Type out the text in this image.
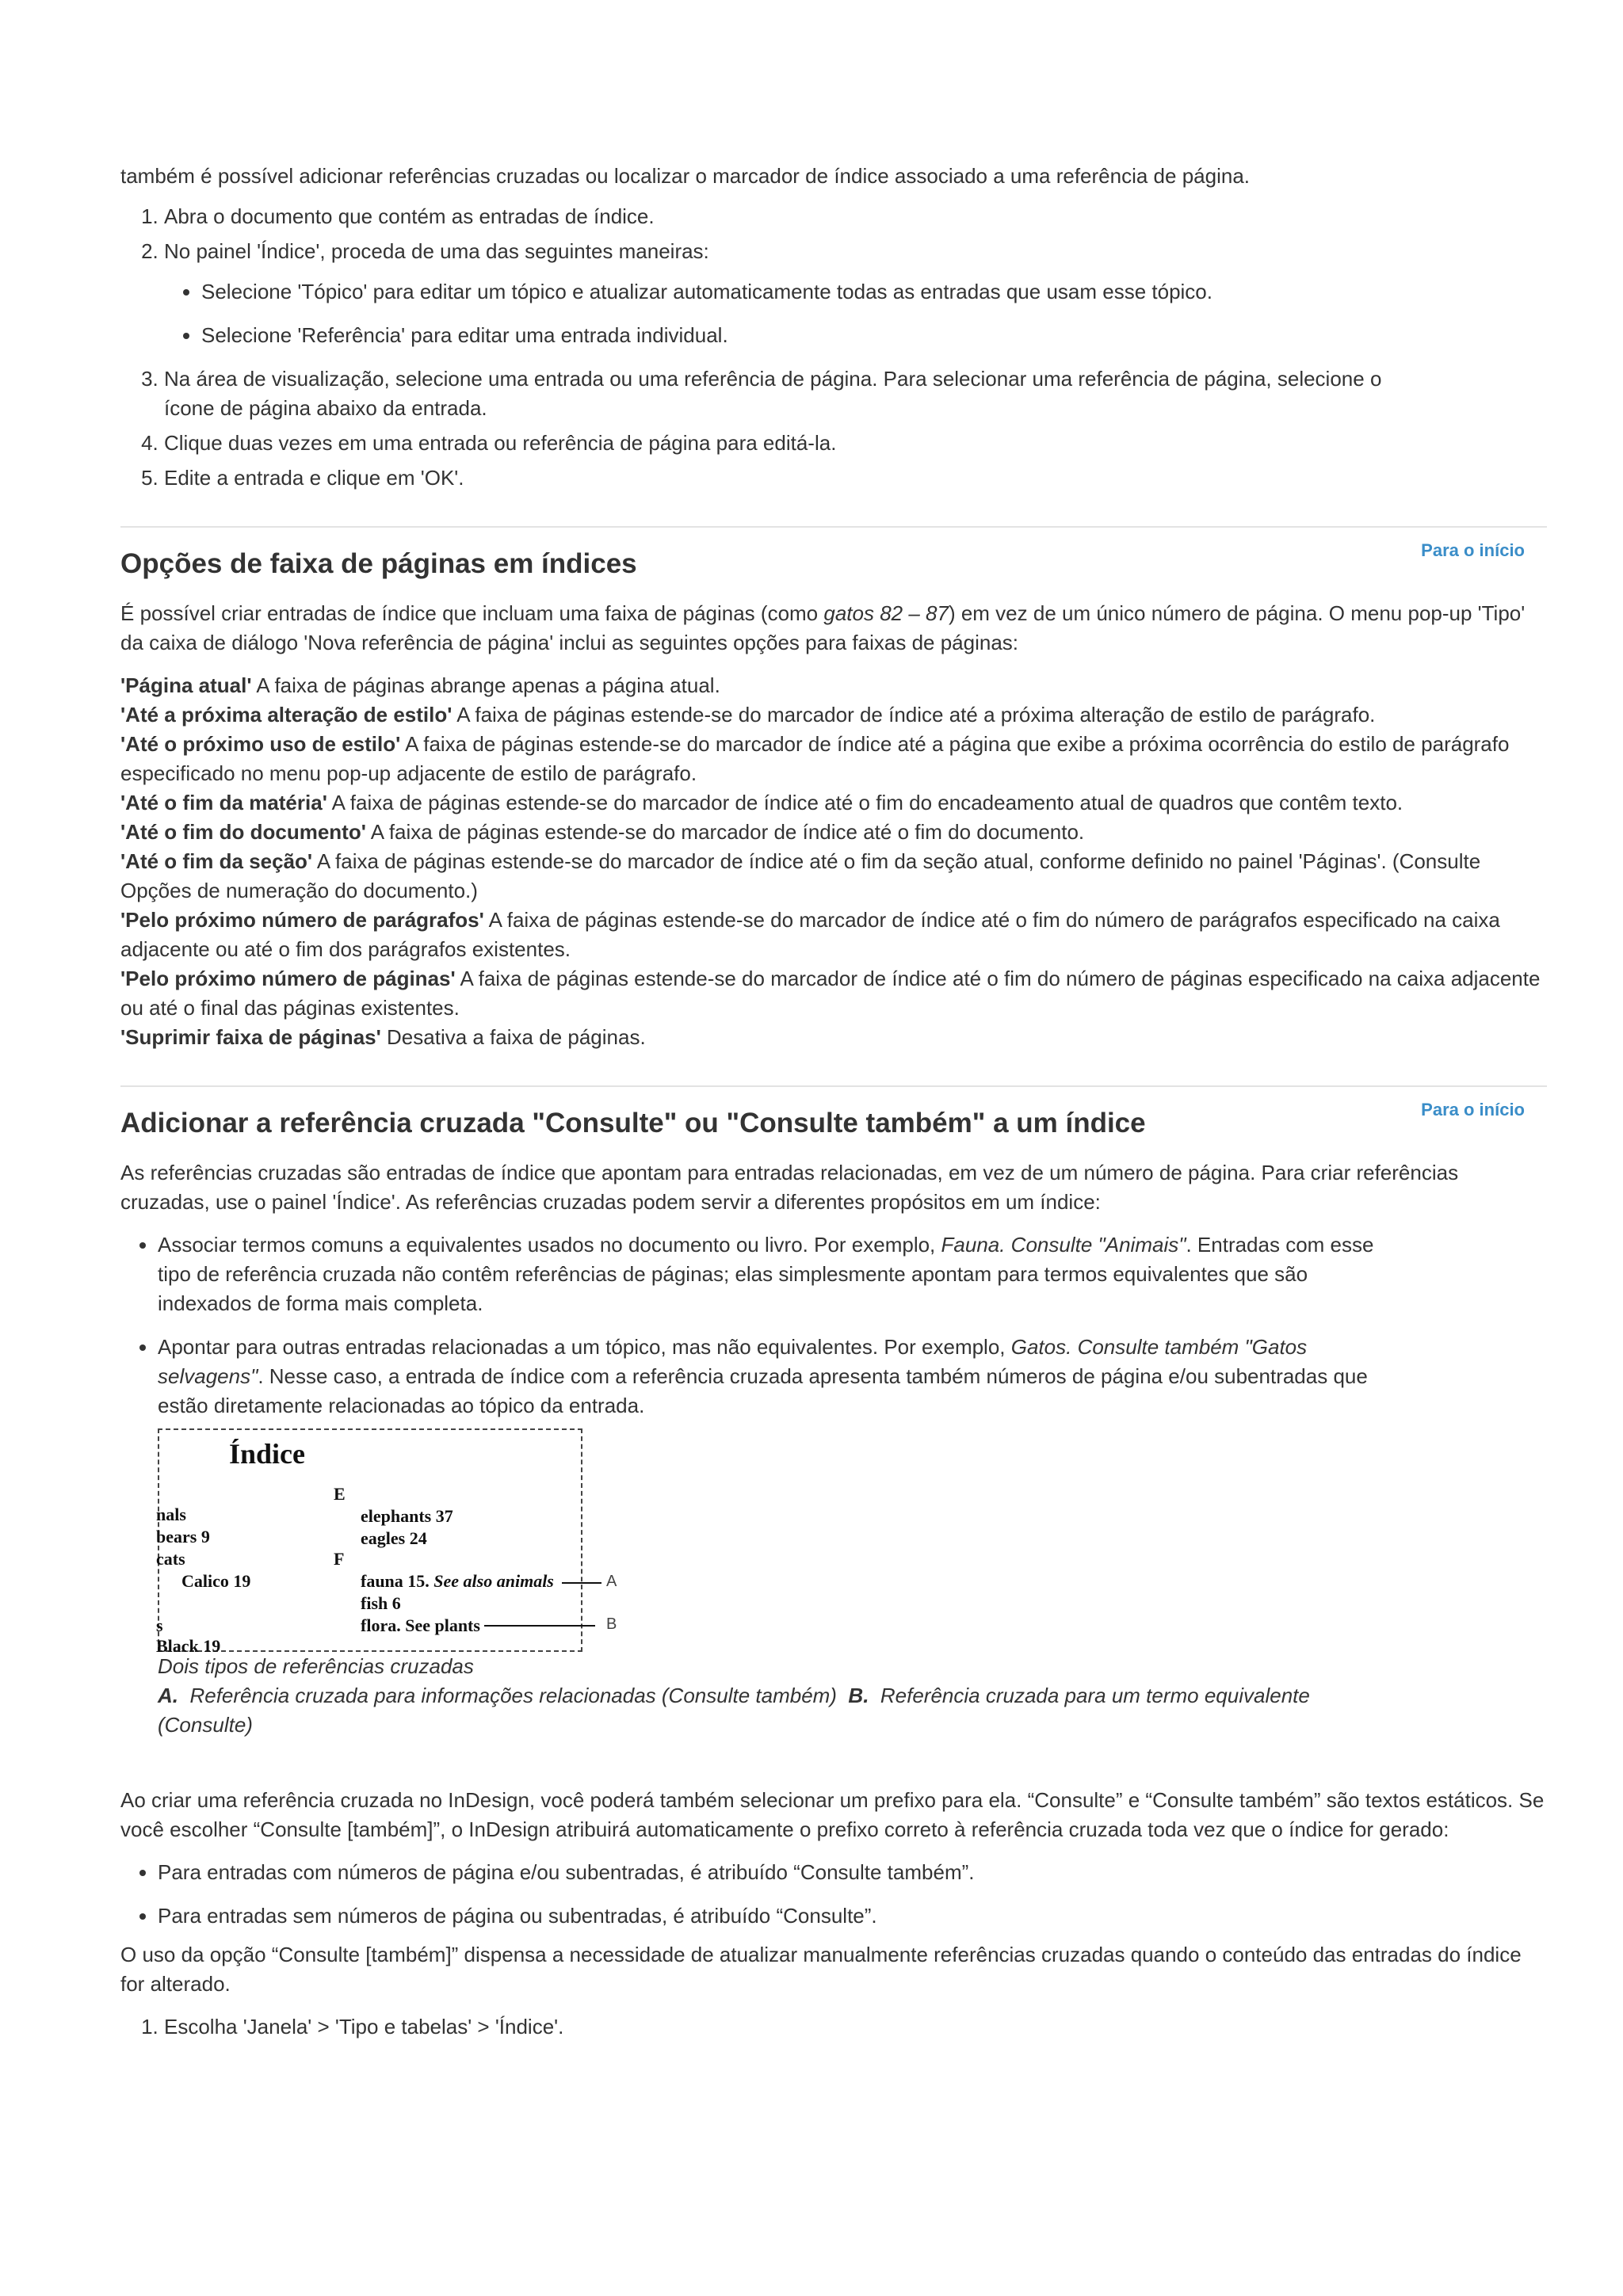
também é possível adicionar referências cruzadas ou localizar o marcador de índice associado a uma referência de página.

1. Abra o documento que contém as entradas de índice.
2. No painel 'Índice', proceda de uma das seguintes maneiras:
• Selecione 'Tópico' para editar um tópico e atualizar automaticamente todas as entradas que usam esse tópico.
• Selecione 'Referência' para editar uma entrada individual.
3. Na área de visualização, selecione uma entrada ou uma referência de página. Para selecionar uma referência de página, selecione o ícone de página abaixo da entrada.
4. Clique duas vezes em uma entrada ou referência de página para editá-la.
5. Edite a entrada e clique em 'OK'.
Para o início
Opções de faixa de páginas em índices

É possível criar entradas de índice que incluam uma faixa de páginas (como gatos 82 – 87) em vez de um único número de página. O menu pop-up 'Tipo' da caixa de diálogo 'Nova referência de página' inclui as seguintes opções para faixas de páginas:

'Página atual' A faixa de páginas abrange apenas a página atual.

'Até a próxima alteração de estilo' A faixa de páginas estende-se do marcador de índice até a próxima alteração de estilo de parágrafo.

'Até o próximo uso de estilo' A faixa de páginas estende-se do marcador de índice até a página que exibe a próxima ocorrência do estilo de parágrafo especificado no menu pop-up adjacente de estilo de parágrafo.

'Até o fim da matéria' A faixa de páginas estende-se do marcador de índice até o fim do encadeamento atual de quadros que contêm texto.

'Até o fim do documento' A faixa de páginas estende-se do marcador de índice até o fim do documento.

'Até o fim da seção' A faixa de páginas estende-se do marcador de índice até o fim da seção atual, conforme definido no painel 'Páginas'. (Consulte Opções de numeração do documento.)

'Pelo próximo número de parágrafos' A faixa de páginas estende-se do marcador de índice até o fim do número de parágrafos especificado na caixa adjacente ou até o fim dos parágrafos existentes.

'Pelo próximo número de páginas' A faixa de páginas estende-se do marcador de índice até o fim do número de páginas especificado na caixa adjacente ou até o final das páginas existentes.

'Suprimir faixa de páginas' Desativa a faixa de páginas.

Para o início
Adicionar a referência cruzada "Consulte" ou "Consulte também" a um índice

As referências cruzadas são entradas de índice que apontam para entradas relacionadas, em vez de um número de página. Para criar referências cruzadas, use o painel 'Índice'. As referências cruzadas podem servir a diferentes propósitos em um índice:

• Associar termos comuns a equivalentes usados no documento ou livro. Por exemplo, Fauna. Consulte "Animais". Entradas com esse tipo de referência cruzada não contêm referências de páginas; elas simplesmente apontam para termos equivalentes que são indexados de forma mais completa.
• Apontar para outras entradas relacionadas a um tópico, mas não equivalentes. Por exemplo, Gatos. Consulte também "Gatos selvagens". Nesse caso, a entrada de índice com a referência cruzada apresenta também números de página e/ou subentradas que estão diretamente relacionadas ao tópico da entrada.
Índice
nals
bears 9
cats
Calico 19
s
Black 19
E
elephants 37
eagles 24
F
fauna 15. See also animals
fish 6
flora. See plants
A
B

Dois tipos de referências cruzadas
A. Referência cruzada para informações relacionadas (Consulte também) B. Referência cruzada para um termo equivalente (Consulte)

Ao criar uma referência cruzada no InDesign, você poderá também selecionar um prefixo para ela. “Consulte” e “Consulte também” são textos estáticos. Se você escolher “Consulte [também]”, o InDesign atribuirá automaticamente o prefixo correto à referência cruzada toda vez que o índice for gerado:

• Para entradas com números de página e/ou subentradas, é atribuído “Consulte também”.
• Para entradas sem números de página ou subentradas, é atribuído “Consulte”.

O uso da opção “Consulte [também]” dispensa a necessidade de atualizar manualmente referências cruzadas quando o conteúdo das entradas do índice for alterado.

1. Escolha 'Janela' > 'Tipo e tabelas' > 'Índice'.
